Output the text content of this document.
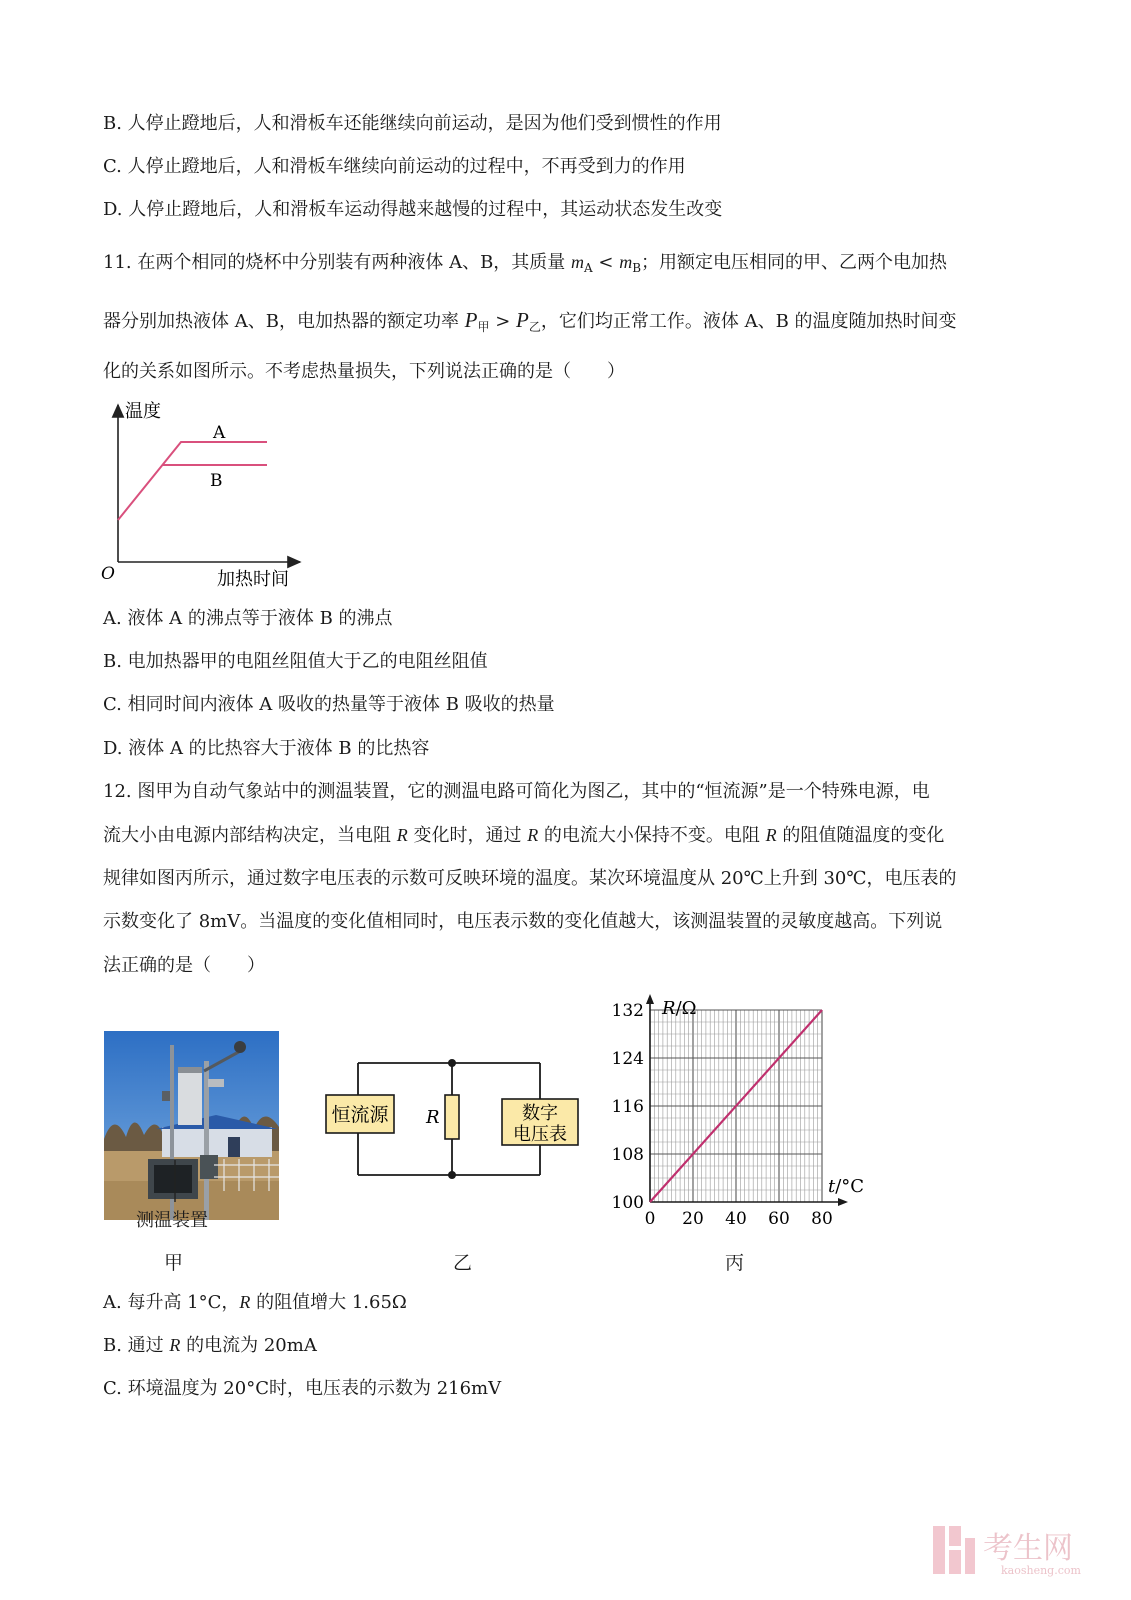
B. 人停止蹬地后，人和滑板车还能继续向前运动，是因为他们受到惯性的作用
C. 人停止蹬地后，人和滑板车继续向前运动的过程中，不再受到力的作用
D. 人停止蹬地后，人和滑板车运动得越来越慢的过程中，其运动状态发生改变
11. 在两个相同的烧杯中分别装有两种液体 A、B，其质量 $m_A < m_B$；用额定电压相同的甲、乙两个电加热
器分别加热液体 A、B，电加热器的额定功率 $P_甲 > P_乙$，它们均正常工作。液体 A、B 的温度随加热时间变
化的关系如图所示。不考虑热量损失，下列说法正确的是（　　）
温度
A
B
O	加热时间
A. 液体 A 的沸点等于液体 B 的沸点
B. 电加热器甲的电阻丝阻值大于乙的电阻丝阻值
C. 相同时间内液体 A 吸收的热量等于液体 B 吸收的热量
D. 液体 A 的比热容大于液体 B 的比热容
12. 图甲为自动气象站中的测温装置，它的测温电路可简化为图乙，其中的“恒流源”是一个特殊电源，电
流大小由电源内部结构决定，当电阻 R 变化时，通过 R 的电流大小保持不变。电阻 R 的阻值随温度的变化
规律如图丙所示，通过数字电压表的示数可反映环境的温度。某次环境温度从 20℃上升到 30℃，电压表的
示数变化了 8mV。当温度的变化值相同时，电压表示数的变化值越大，该测温装置的灵敏度越高。下列说
法正确的是（　　）
测温装置
甲
恒流源 R	数字
电压表
乙
0 20 40 60 80
100
108
116
124
132 R/Ω
t/°C
丙
A. 每升高 1°C，R 的阻值增大 1.65Ω
B. 通过 R 的电流为 20mA
C. 环境温度为 20°C时，电压表的示数为 216mV
考生网
kaosheng.com
